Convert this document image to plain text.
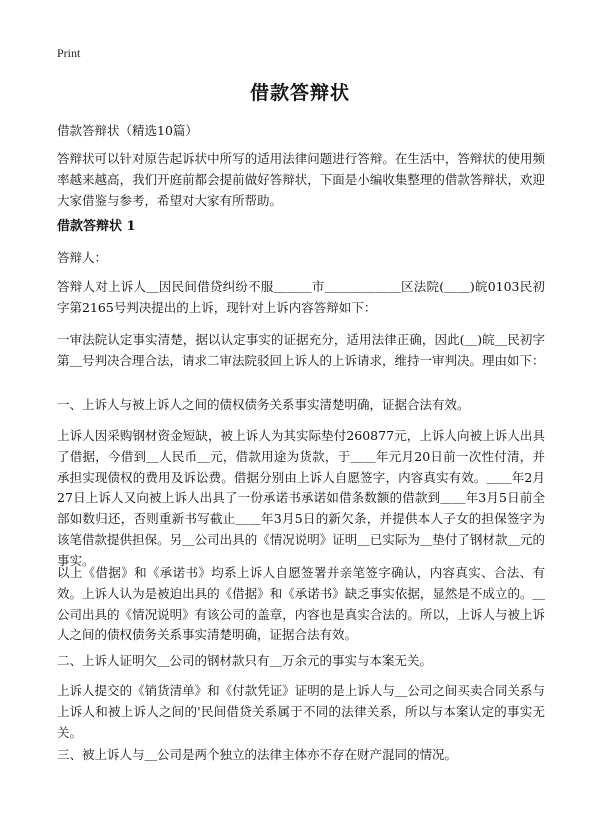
Print
借款答辩状
借款答辩状（精选10篇）
答辩状可以针对原告起诉状中所写的适用法律问题进行答辩。在生活中，答辩状的使用频率越来越高，我们开庭前都会提前做好答辩状，下面是小编收集整理的借款答辩状，欢迎大家借鉴与参考，希望对大家有所帮助。
借款答辩状 1
答辩人：
答辩人对上诉人＿因民间借贷纠纷不服＿＿＿市＿＿＿＿＿＿区法院(＿＿)皖0103民初字第2165号判决提出的上诉，现针对上诉内容答辩如下：
一审法院认定事实清楚，据以认定事实的证据充分，适用法律正确，因此(＿)皖＿民初字第＿号判决合理合法，请求二审法院驳回上诉人的上诉请求，维持一审判决。理由如下：
一、上诉人与被上诉人之间的债权债务关系事实清楚明确，证据合法有效。
上诉人因采购钢材资金短缺，被上诉人为其实际垫付260877元，上诉人向被上诉人出具了借据，今借到＿人民币＿元，借款用途为货款，于＿＿年元月20日前一次性付清，并承担实现债权的费用及诉讼费。借据分别由上诉人自愿签字，内容真实有效。＿＿年2月27日上诉人又向被上诉人出具了一份承诺书承诺如借条数额的借款到＿＿年3月5日前全部如数归还，否则重新书写截止＿＿年3月5日的新欠条，并提供本人子女的担保签字为该笔借款提供担保。另＿公司出具的《情况说明》证明＿已实际为＿垫付了钢材款＿元的事实。
以上《借据》和《承诺书》均系上诉人自愿签署并亲笔签字确认，内容真实、合法、有效。上诉人认为是被迫出具的《借据》和《承诺书》缺乏事实依据，显然是不成立的。＿公司出具的《情况说明》有该公司的盖章，内容也是真实合法的。所以，上诉人与被上诉人之间的债权债务关系事实清楚明确，证据合法有效。
二、上诉人证明欠＿公司的钢材款只有＿万余元的事实与本案无关。
上诉人提交的《销货清单》和《付款凭证》证明的是上诉人与＿公司之间买卖合同关系与上诉人和被上诉人之间的'民间借贷关系属于不同的法律关系，所以与本案认定的事实无关。
三、被上诉人与＿公司是两个独立的法律主体亦不存在财产混同的情况。
